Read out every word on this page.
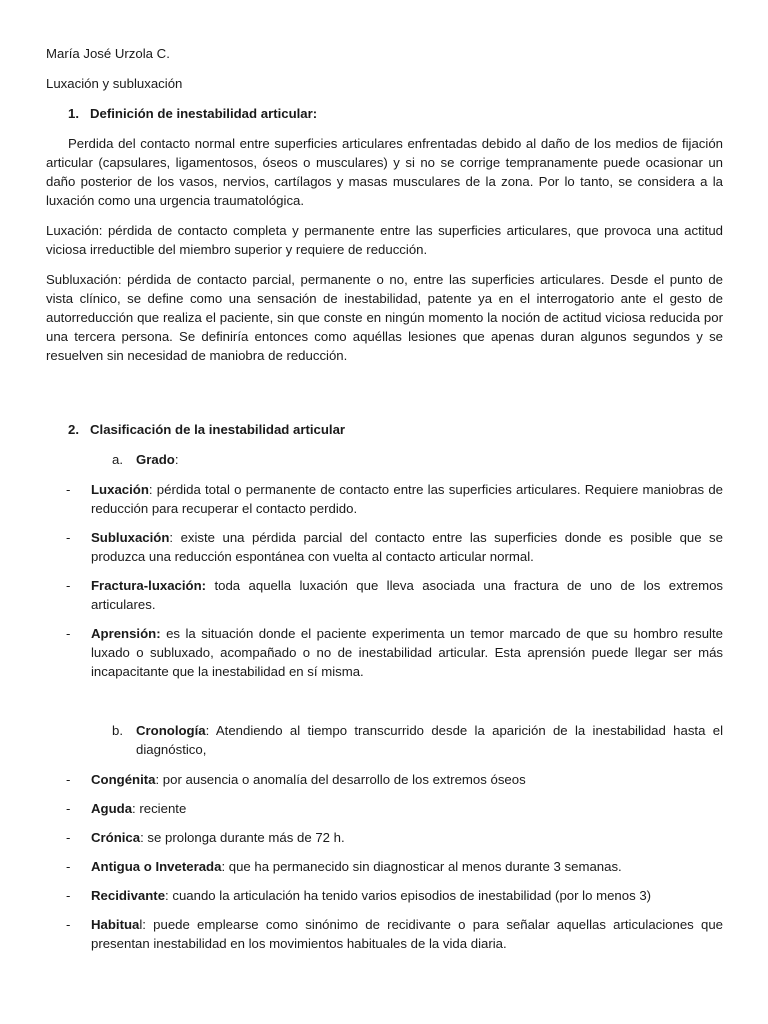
María José Urzola C.

Luxación y subluxación

1. Definición de inestabilidad articular:

Perdida del contacto normal entre superficies articulares enfrentadas debido al daño de los medios de fijación articular (capsulares, ligamentosos, óseos o musculares) y si no se corrige tempranamente puede ocasionar un daño posterior de los vasos, nervios, cartílagos y masas musculares de la zona. Por lo tanto, se considera a la luxación como una urgencia traumatológica.

Luxación: pérdida de contacto completa y permanente entre las superficies articulares, que provoca una actitud viciosa irreductible del miembro superior y requiere de reducción.

Subluxación: pérdida de contacto parcial, permanente o no, entre las superficies articulares. Desde el punto de vista clínico, se define como una sensación de inestabilidad, patente ya en el interrogatorio ante el gesto de autorreducción que realiza el paciente, sin que conste en ningún momento la noción de actitud viciosa reducida por una tercera persona. Se definiría entonces como aquéllas lesiones que apenas duran algunos segundos y se resuelven sin necesidad de maniobra de reducción.

2. Clasificación de la inestabilidad articular
a. Grado:
-	Luxación: pérdida total o permanente de contacto entre las superficies articulares. Requiere maniobras de reducción para recuperar el contacto perdido.
-	Subluxación: existe una pérdida parcial del contacto entre las superficies donde es posible que se produzca una reducción espontánea con vuelta al contacto articular normal.
-	Fractura-luxación: toda aquella luxación que lleva asociada una fractura de uno de los extremos articulares.
-	Aprensión: es la situación donde el paciente experimenta un temor marcado de que su hombro resulte luxado o subluxado, acompañado o no de inestabilidad articular. Esta aprensión puede llegar ser más incapacitante que la inestabilidad en sí misma.
b. Cronología: Atendiendo al tiempo transcurrido desde la aparición de la inestabilidad hasta el diagnóstico,
-	Congénita: por ausencia o anomalía del desarrollo de los extremos óseos
-	Aguda: reciente
-	Crónica: se prolonga durante más de 72 h.
-	Antigua o Inveterada: que ha permanecido sin diagnosticar al menos durante 3 semanas.
-	Recidivante: cuando la articulación ha tenido varios episodios de inestabilidad (por lo menos 3)
-	Habitual: puede emplearse como sinónimo de recidivante o para señalar aquellas articulaciones que presentan inestabilidad en los movimientos habituales de la vida diaria.
